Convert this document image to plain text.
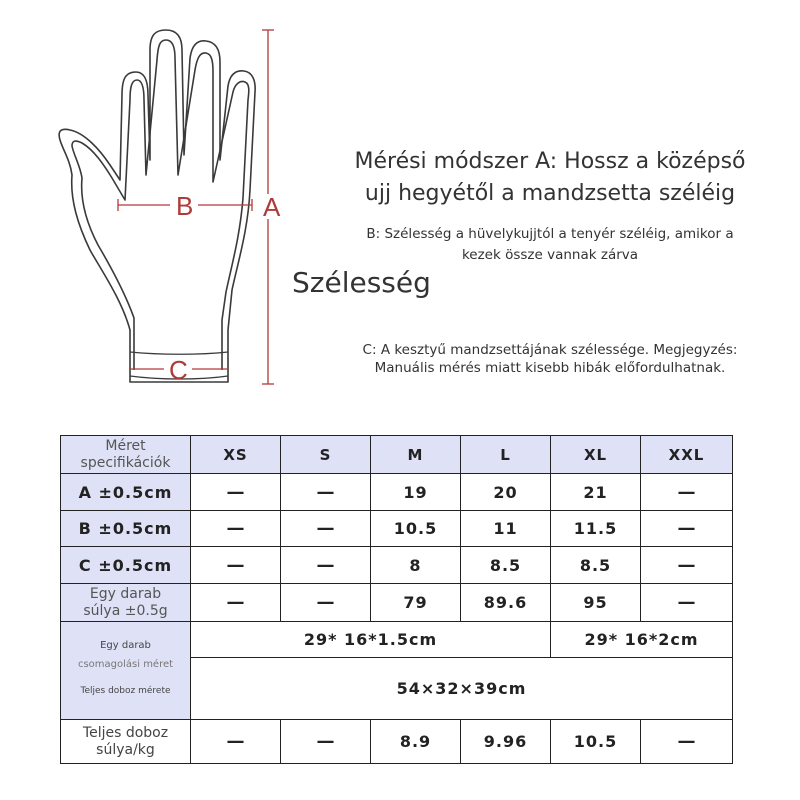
A
B
C
Mérési módszer A: Hossz a középső
ujj hegyétől a mandzsetta széléig
B: Szélesség a hüvelykujjtól a tenyér széléig, amikor a
kezek össze vannak zárva
Szélesség
C: A kesztyű mandzsettájának szélessége. Megjegyzés:
Manuális mérés miatt kisebb hibák előfordulhatnak.
Méret
specifikációk	XS	S	M	L	XL	XXL
A ±0.5cm	—	—	19	20	21	—
B ±0.5cm	—	—	10.5	11	11.5	—
C ±0.5cm	—	—	8	8.5	8.5	—

Egy darab
súlya ±0.5g	—	—	79	89.6	95	—

Egy darab
csomagolási méret
Teljes doboz mérete	29* 16*1.5cm				29* 16*2cm	
	54×32×39cm					

Teljes doboz
súlya/kg	—	—	8.9	9.96	10.5	—
